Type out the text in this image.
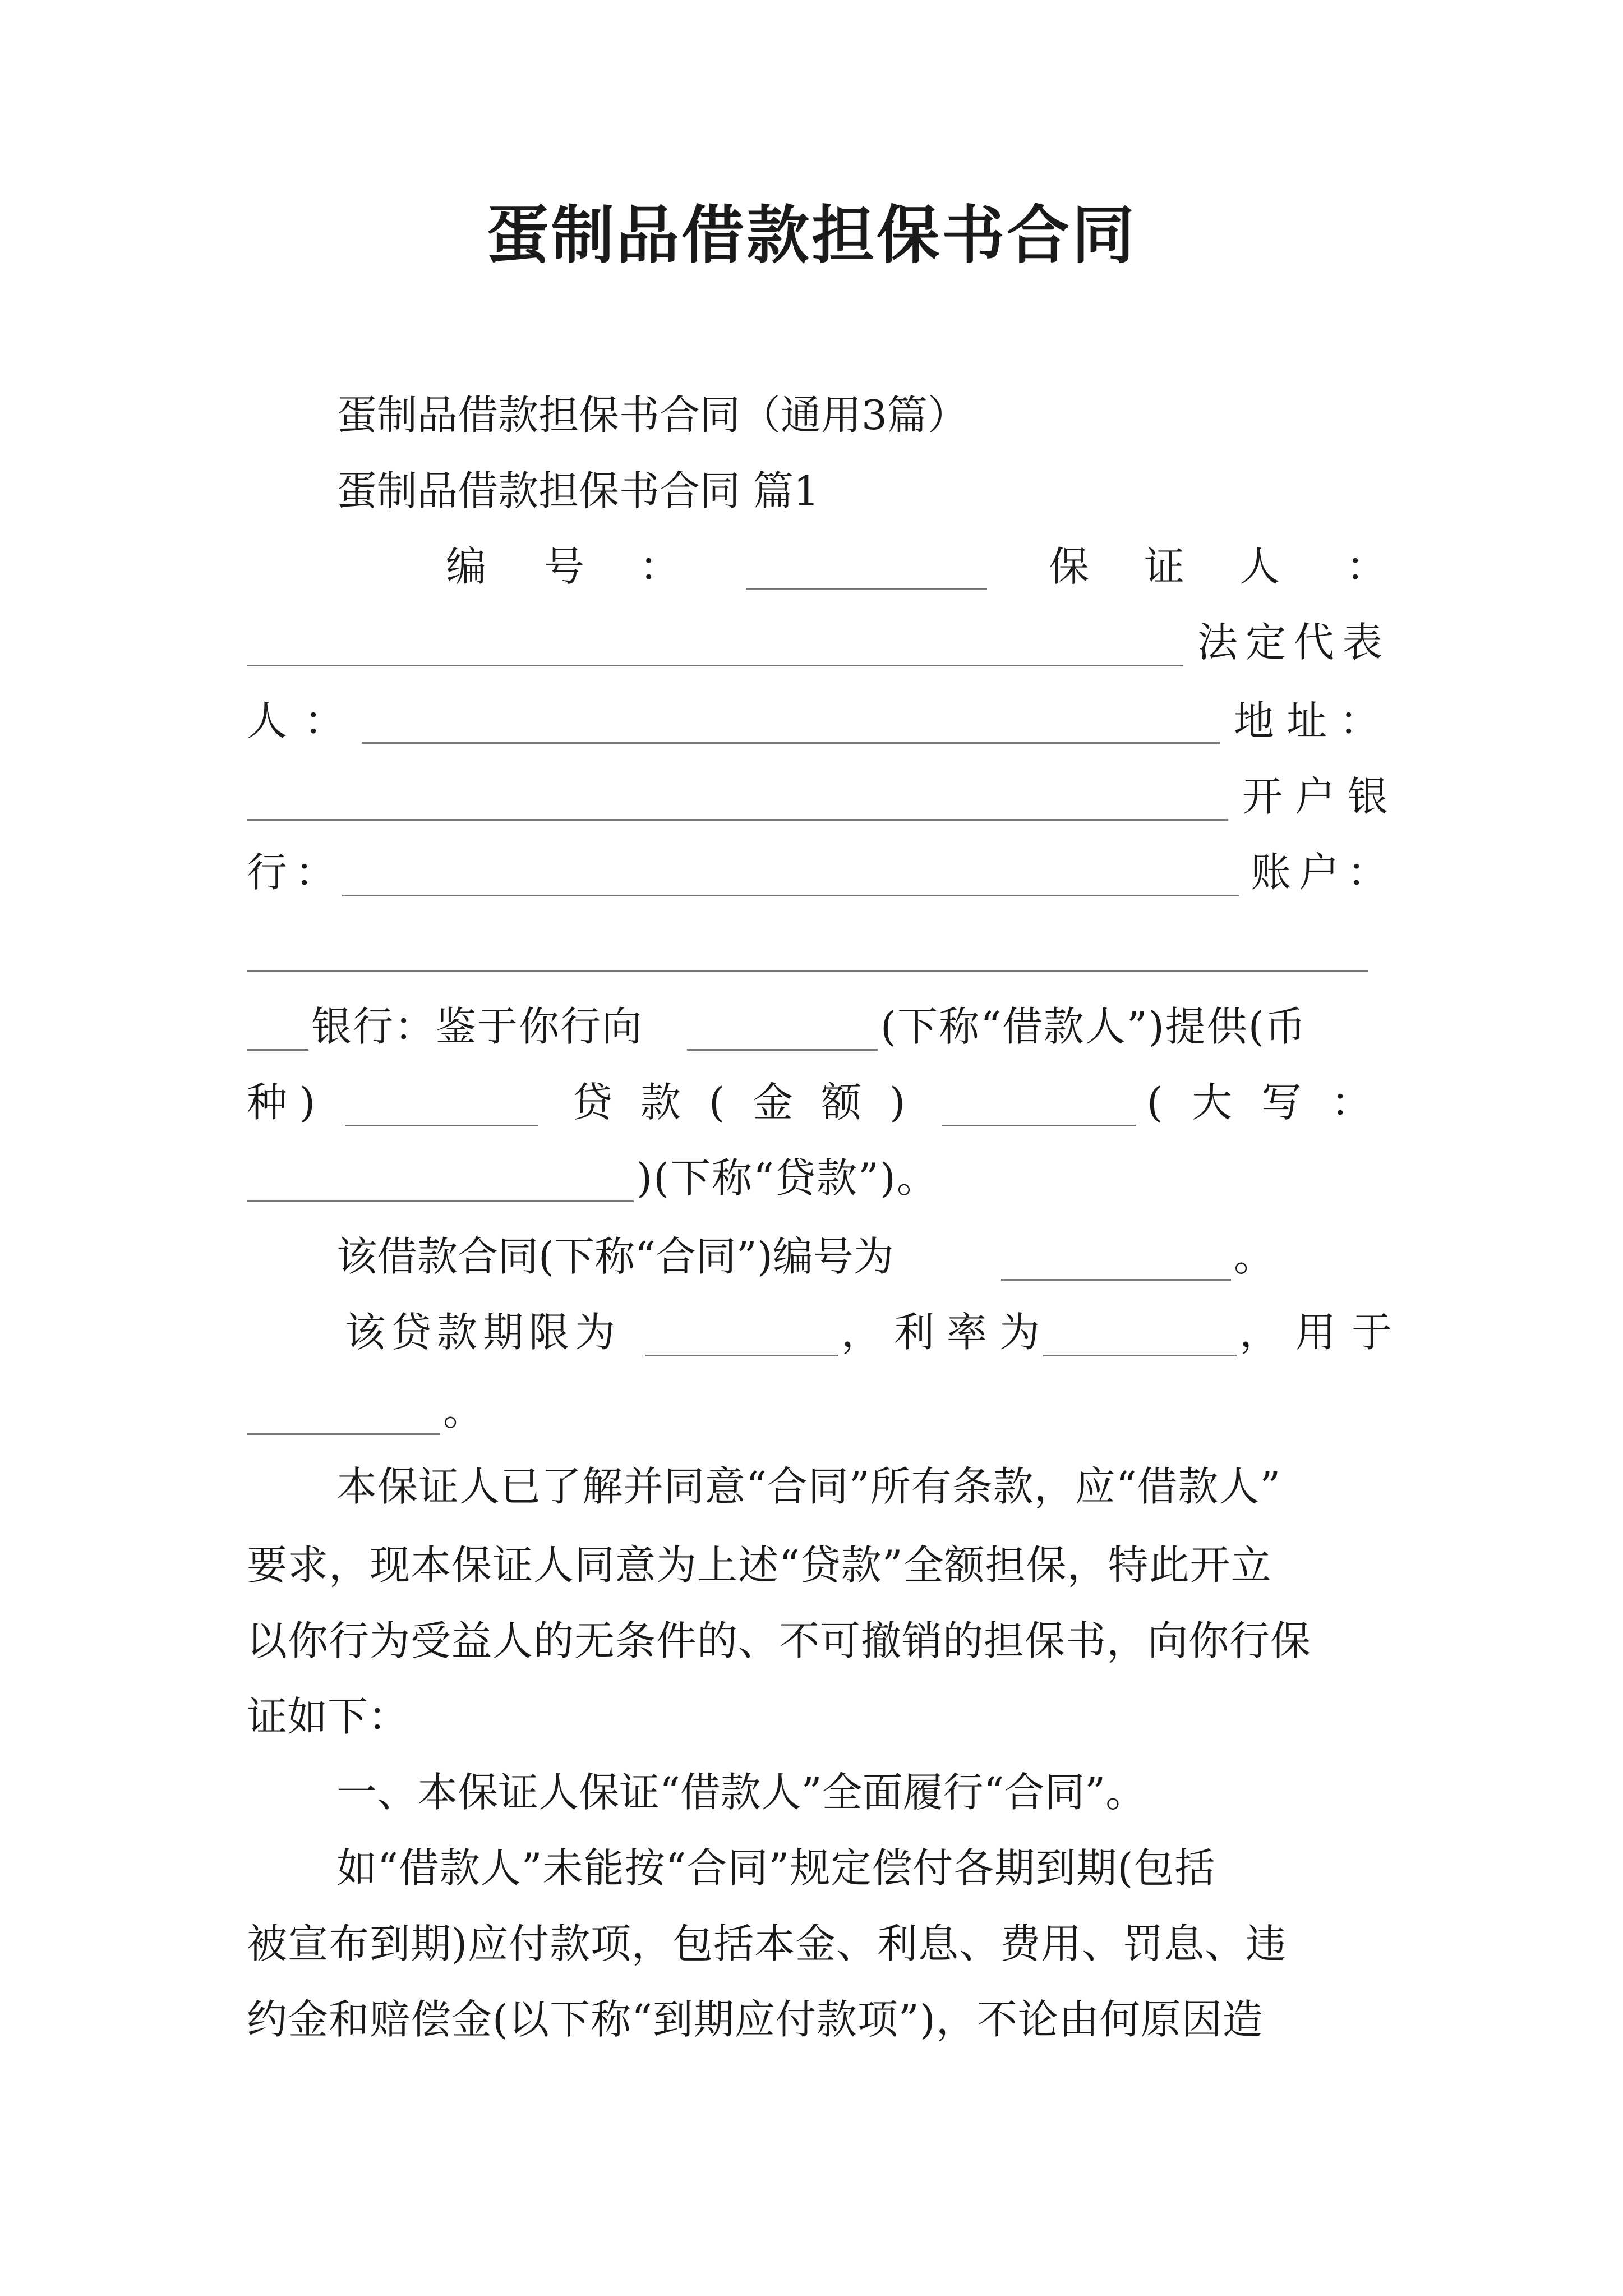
蛋制品借款担保书合同
蛋制品借款担保书合同（通用3篇）
蛋制品借款担保书合同 篇1
编 号 ：	保 证 人 ：
法定代表
人：	地址：
开户银
行：	账户：
银行：鉴于你行向	(下称“借款人”)提供(币
种)	贷款(金额)	(大写：
)(下称“贷款”)。
该借款合同(下称“合同”)编号为	。
该贷款期限为	，利率为	，用于
。
本保证人已了解并同意“合同”所有条款，应“借款人”
要求，现本保证人同意为上述“贷款”全额担保，特此开立
以你行为受益人的无条件的、不可撤销的担保书，向你行保
证如下：
一、本保证人保证“借款人”全面履行“合同”。
如“借款人”未能按“合同”规定偿付各期到期(包括
被宣布到期)应付款项，包括本金、利息、费用、罚息、违
约金和赔偿金(以下称“到期应付款项”)，不论由何原因造
